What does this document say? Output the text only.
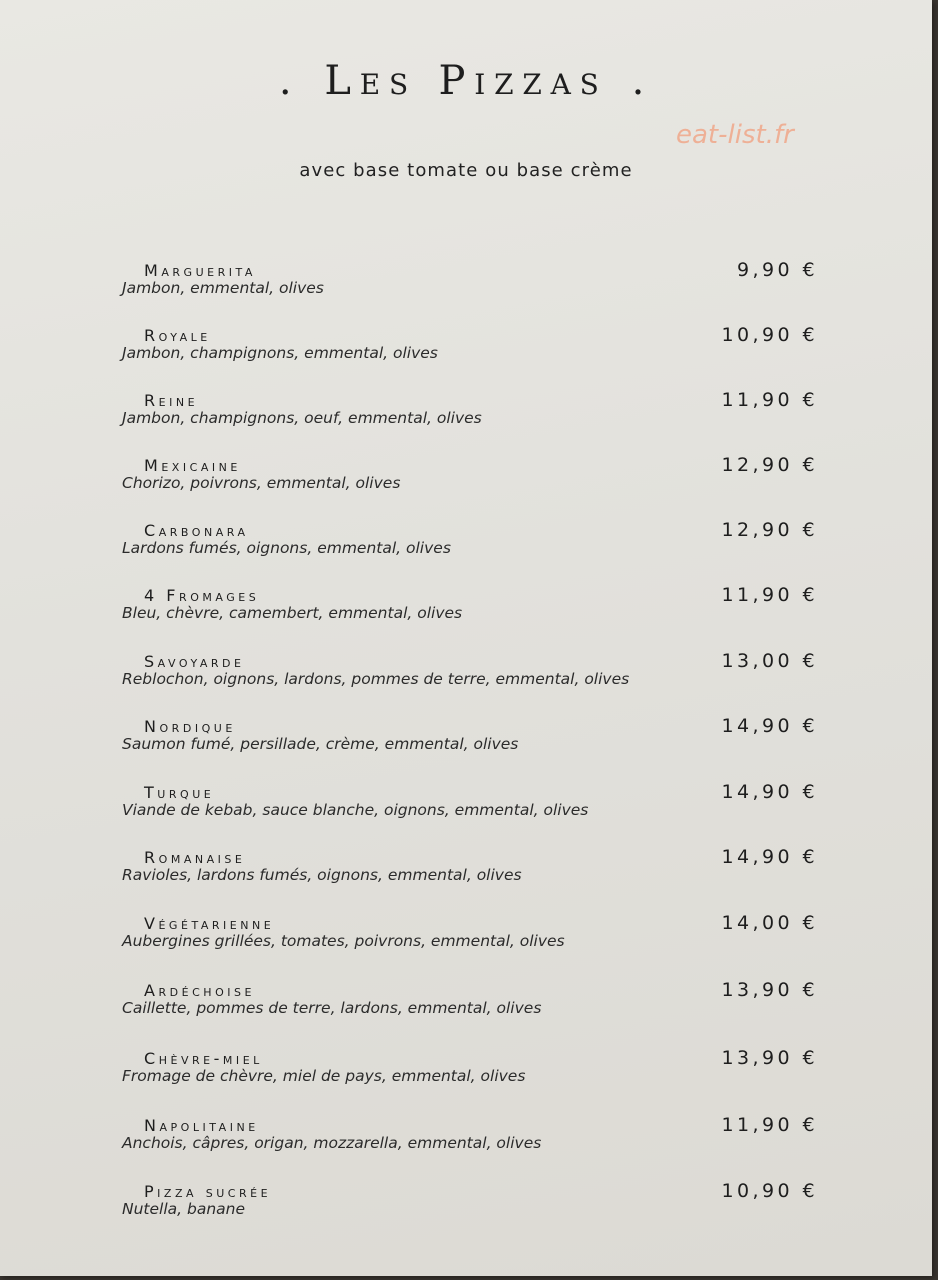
. Les Pizzas .
eat-list.fr
avec base tomate ou base crème
Marguerita
Jambon, emmental, olives
9,90 €
Royale
Jambon, champignons, emmental, olives
10,90 €
Reine
Jambon, champignons, oeuf, emmental, olives
11,90 €
Mexicaine
Chorizo, poivrons, emmental, olives
12,90 €
Carbonara
Lardons fumés, oignons, emmental, olives
12,90 €
4 Fromages
Bleu, chèvre, camembert, emmental, olives
11,90 €
Savoyarde
Reblochon, oignons, lardons, pommes de terre, emmental, olives
13,00 €
Nordique
Saumon fumé, persillade, crème, emmental, olives
14,90 €
Turque
Viande de kebab, sauce blanche, oignons, emmental, olives
14,90 €
Romanaise
Ravioles, lardons fumés, oignons, emmental, olives
14,90 €
Végétarienne
Aubergines grillées, tomates, poivrons, emmental, olives
14,00 €
Ardéchoise
Caillette, pommes de terre, lardons, emmental, olives
13,90 €
Chèvre-miel
Fromage de chèvre, miel de pays, emmental, olives
13,90 €
Napolitaine
Anchois, câpres, origan, mozzarella, emmental, olives
11,90 €
Pizza sucrée
Nutella, banane
10,90 €
